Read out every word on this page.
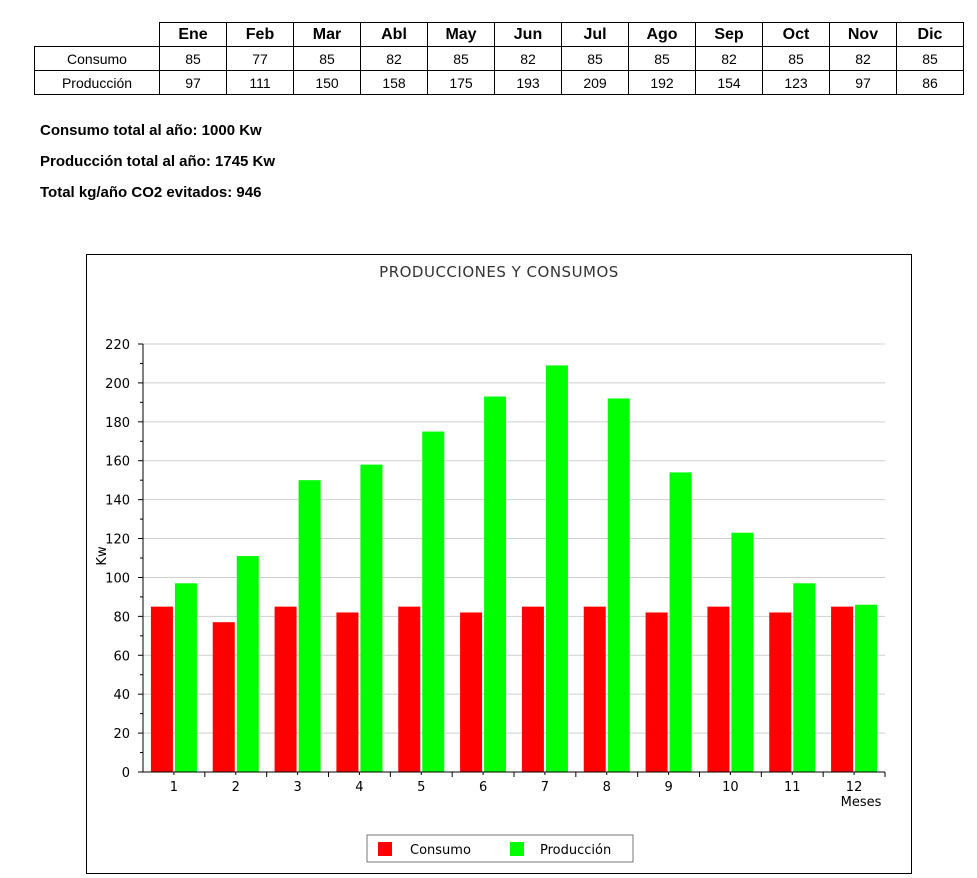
	Ene	Feb	Mar	Abl	May	Jun	Jul	Ago	Sep	Oct	Nov	Dic
Consumo	85	77	85	82	85	82	85	85	82	85	82	85
Producción	97	111	150	158	175	193	209	192	154	123	97	86
Consumo total al año: 1000 Kw
Producción total al año: 1745 Kw
Total kg/año CO2 evitados: 946
PRODUCCIONES Y CONSUMOS
0
20
40
60
80
100
120
140
160
180
200
220
1	2	3	4	5	6	7	8	9	10	11	12
Kw
Meses
Consumo	Producción
